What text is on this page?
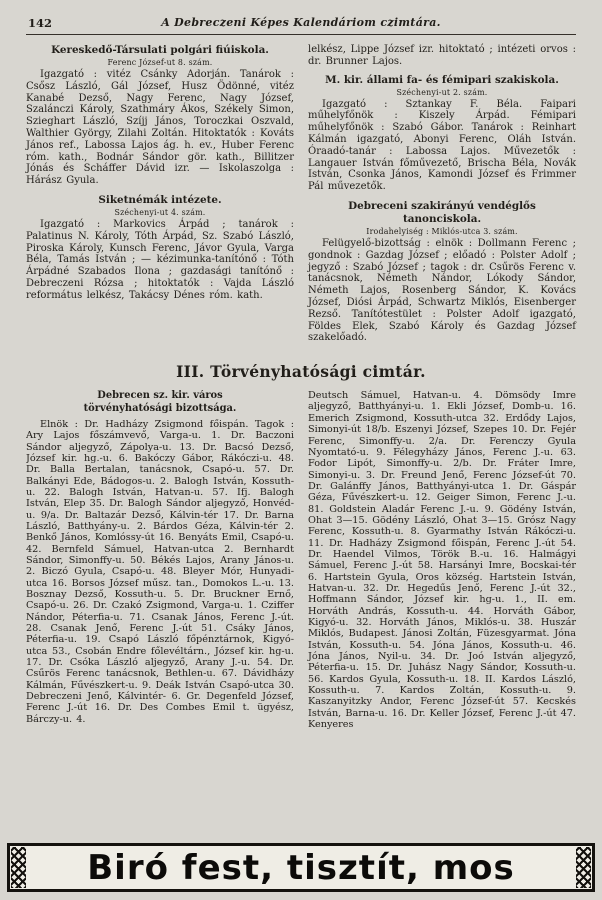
142	A Debreczeni Képes Kalendáriom czimtára.
Kereskedő-Társulati polgári fiúiskola.
Ferenc József-ut 8. szám.

Igazgató : vitéz Csánky Adorján. Tanárok : Csősz László, Gál József, Husz Ödönné, vitéz Kanabé Dezső, Nagy Ferenc, Nagy József, Szalánczi Károly, Szathmáry Ákos, Székely Simon, Szieghart László, Szíjj János, Toroczkai Oszvald, Walthier György, Zilahi Zoltán. Hitoktatók : Kováts János ref., Labossa Lajos ág. h. ev., Huber Ferenc róm. kath., Bodnár Sándor gör. kath., Billitzer Jónás és Scháffer Dávid izr. — Iskolaszolga : Hárász Gyula.

Siketnémák intézete.
Széchenyi-ut 4. szám.

Igazgató : Markovics Árpád ; tanárok : Palatinus N. Károly, Tóth Árpád, Sz. Szabó László, Piroska Károly, Kunsch Ferenc, Jávor Gyula, Varga Béla, Tamás István ; — kézimunka-tanítónő : Tóth Árpádné Szabados Ilona ; gazdasági tanítónő : Debreczeni Rózsa ; hitoktatók : Vajda László református lelkész, Takácsy Dénes róm. kath.

lelkész, Lippe József izr. hitoktató ; intézeti orvos : dr. Brunner Lajos.

M. kir. állami fa- és fémipari szakiskola.
Széchenyi-ut 2. szám.

Igazgató : Sztankay F. Béla. Faipari műhelyfőnök : Kiszely Árpád. Fémipari műhelyfőnök : Szabó Gábor. Tanárok : Reinhart Kálmán igazgató, Abonyi Ferenc, Oláh István. Óraadó-tanár : Labossa Lajos. Művezetők : Langauer István főművezető, Brischa Béla, Novák István, Csonka János, Kamondi József és Frimmer Pál művezetők.

Debreceni szakirányú vendéglős tanonciskola.
Irodahelyiség : Miklós-utca 3. szám.

Felügyelő-bizottság : elnök : Dollmann Ferenc ; gondnok : Gazdag József ; előadó : Polster Adolf ; jegyző : Szabó József ; tagok : dr. Csűrös Ferenc v. tanácsnok, Németh Nándor, Lókody Sándor, Németh Lajos, Rosenberg Sándor, K. Kovács József, Diósi Árpád, Schwartz Miklós, Eisenberger Rezső. Tanítótestület : Polster Adolf igazgató, Földes Elek, Szabó Károly és Gazdag József szakelőadó.

III. Törvényhatósági cimtár.
Debrecen sz. kir. város törvényhatósági bizottsága.

Elnök : Dr. Hadházy Zsigmond főispán. Tagok : Ary Lajos főszámvevő, Varga-u. 1. Dr. Baczoni Sándor aljegyző, Zápolya-u. 13. Dr. Bacsó Dezső, József kir. hg.-u. 6. Bakóczy Gábor, Rákóczi-u. 48. Dr. Balla Bertalan, tanácsnok, Csapó-u. 57. Dr. Balkányi Ede, Bádogos-u. 2. Balogh István, Kossuth-u. 22. Balogh István, Hatvan-u. 57. Ifj. Balogh István, Elep 35. Dr. Balogh Sándor aljegyző, Honvéd-u. 9/a. Dr. Baltazár Dezső, Kálvin-tér 17. Dr. Barna László, Batthyány-u. 2. Bárdos Géza, Kálvin-tér 2. Benkő János, Komlóssy-út 16. Benyáts Emil, Csapó-u. 42. Bernfeld Sámuel, Hatvan-utca 2. Bernhardt Sándor, Simonffy-u. 50. Békés Lajos, Arany János-u. 2. Biczó Gyula, Csapó-u. 48. Bleyer Mór, Hunyadi-utca 16. Borsos József műsz. tan., Domokos L.-u. 13. Bosznay Dezső, Kossuth-u. 5. Dr. Bruckner Ernő, Csapó-u. 26. Dr. Czakó Zsigmond, Varga-u. 1. Cziffer Nándor, Péterfia-u. 71. Csanak János, Ferenc J.-út. 28. Csanak Jenő, Ferenc J.-út 51. Csáky János, Péterfia-u. 19. Csapó László főpénztárnok, Kigyó-utca 53., Csobán Endre főlevéltárn., József kir. hg-u. 17. Dr. Csóka László aljegyző, Arany J.-u. 54. Dr. Csűrös Ferenc tanácsnok, Bethlen-u. 67. Dávidházy Kálmán, Fűvészkert-u. 9. Deák István Csapó-utca 30. Debreczeni Jenő, Kálvintér- 6. Gr. Degenfeld József, Ferenc J.-út 16. Dr. Des Combes Emil t. ügyész, Bárczy-u. 4.

Deutsch Sámuel, Hatvan-u. 4. Dömsödy Imre aljegyző, Batthyányi-u. 1. Ekli József, Domb-u. 16. Emerich Zsigmond, Kossuth-utca 32. Erdődy Lajos, Simonyi-út 18/b. Eszenyi József, Szepes 10. Dr. Fejér Ferenc, Simonffy-u. 2/a. Dr. Ferenczy Gyula Nyomtató-u. 9. Félegyházy János, Ferenc J.-u. 63. Fodor Lipót, Simonffy-u. 2/b. Dr. Fráter Imre, Simonyi-u. 3. Dr. Freund Jenő, Ferenc József-út 70. Dr. Galánffy János, Batthyányi-utca 1. Dr. Gáspár Géza, Fűvészkert-u. 12. Geiger Simon, Ferenc J.-u. 81. Goldstein Aladár Ferenc J.-u. 9. Gödény István, Ohat 3—15. Gödény László, Ohat 3—15. Grósz Nagy Ferenc, Kossuth-u. 8. Gyarmathy István Rákóczi-u. 11. Dr. Hadházy Zsigmond főispán, Ferenc J.-út 54. Dr. Haendel Vilmos, Török B.-u. 16. Halmágyi Sámuel, Ferenc J.-út 58. Harsányi Imre, Bocskai-tér 6. Hartstein Gyula, Oros község. Hartstein István, Hatvan-u. 32. Dr. Hegedűs Jenő, Ferenc J.-út 32., Hoffmann Sándor, József kir. hg-u. 1., II. em. Horváth András, Kossuth-u. 44. Horváth Gábor, Kigyó-u. 32. Horváth János, Miklós-u. 38. Huszár Miklós, Budapest. Jánosi Zoltán, Füzesgyarmat. Jóna István, Kossuth-u. 54. Jóna János, Kossuth-u. 46. Jóna János, Nyil-u. 34. Dr. Joó István aljegyző, Péterfia-u. 15. Dr. Juhász Nagy Sándor, Kossuth-u. 56. Kardos Gyula, Kossuth-u. 18. II. Kardos László, Kossuth-u. 7. Kardos Zoltán, Kossuth-u. 9. Kaszanyitzky Andor, Ferenc József-út 57. Kecskés István, Barna-u. 16. Dr. Keller József, Ferenc J.-út 47. Kenyeres

Biró fest, tisztít, mos
